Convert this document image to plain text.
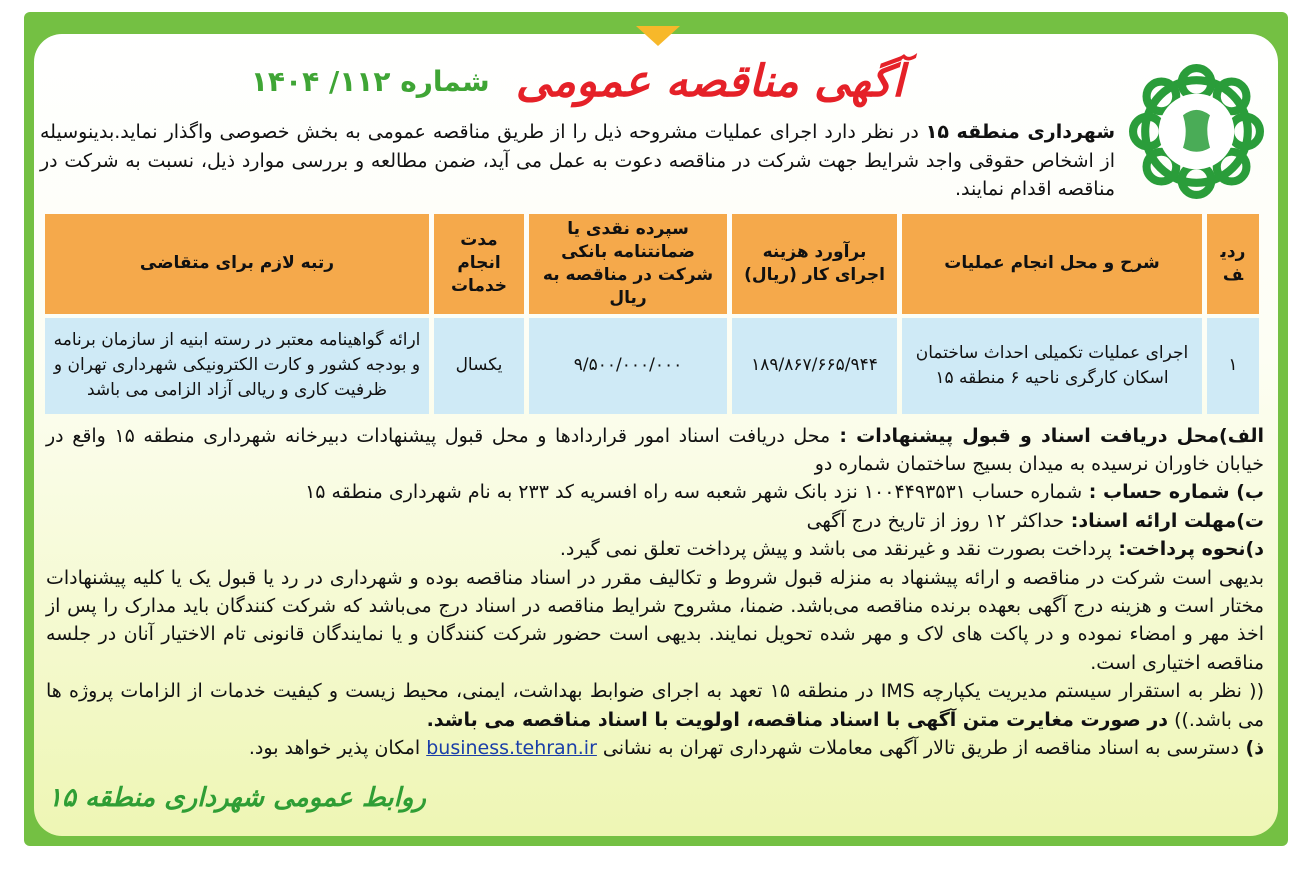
آگهی مناقصه عمومی
شماره ۱۱۲/ ۱۴۰۴
شهرداری منطقه ۱۵ در نظر دارد اجرای عملیات مشروحه ذیل را از طریق مناقصه عمومی به بخش خصوصی واگذار نماید.بدینوسیله از اشخاص حقوقی واجد شرایط جهت شرکت در مناقصه دعوت به عمل می آید، ضمن مطالعه و بررسی موارد ذیل، نسبت به شرکت در مناقصه اقدام نمایند.
ردیف	شرح و محل انجام عملیات	برآورد هزینه اجرای کار (ریال)	سپرده نقدی یا ضمانتنامه بانکی شرکت در مناقصه به ریال	مدت انجام خدمات	رتبه لازم برای متقاضی
۱	اجرای عملیات تکمیلی احداث ساختمان اسکان کارگری ناحیه ۶ منطقه ۱۵	۱۸۹/۸۶۷/۶۶۵/۹۴۴	۹/۵۰۰/۰۰۰/۰۰۰	یکسال	ارائه گواهینامه معتبر در رسته ابنیه از سازمان برنامه و بودجه کشور و کارت الکترونیکی شهرداری تهران و ظرفیت کاری و ریالی آزاد الزامی می باشد

الف)محل دریافت اسناد و قبول پیشنهادات : محل دریافت اسناد امور قراردادها و محل قبول پیشنهادات دبیرخانه شهرداری منطقه ۱۵ واقع در خیابان خاوران نرسیده به میدان بسیج ساختمان شماره دو

ب) شماره حساب : شماره حساب ۱۰۰۴۴۹۳۵۳۱ نزد بانک شهر شعبه سه راه افسریه کد ۲۳۳ به نام شهرداری منطقه ۱۵

ت)مهلت ارائه اسناد: حداکثر ۱۲ روز از تاریخ درج آگهی

د)نحوه پرداخت: پرداخت بصورت نقد و غیرنقد می باشد و پیش پرداخت تعلق نمی گیرد.

بدیهی است شرکت در مناقصه و ارائه پیشنهاد به منزله قبول شروط و تکالیف مقرر در اسناد مناقصه بوده و شهرداری در رد یا قبول یک یا کلیه پیشنهادات مختار است و هزینه درج آگهی بعهده برنده مناقصه می‌باشد. ضمنا، مشروح شرایط مناقصه در اسناد درج می‌باشد که شرکت کنندگان باید مدارک را پس از اخذ مهر و امضاء نموده و در پاکت های لاک و مهر شده تحویل نمایند. بدیهی است حضور شرکت کنندگان و یا نمایندگان قانونی تام الاختیار آنان در جلسه مناقصه اختیاری است.

(( نظر به استقرار سیستم مدیریت یکپارچه IMS در منطقه ۱۵ تعهد به اجرای ضوابط بهداشت، ایمنی، محیط زیست و کیفیت خدمات از الزامات پروژه ها می باشد.)) در صورت مغایرت متن آگهی با اسناد مناقصه، اولویت با اسناد مناقصه می باشد.

ذ) دسترسی به اسناد مناقصه از طریق تالار آگهی معاملات شهرداری تهران به نشانی business.tehran.ir امکان پذیر خواهد بود.

روابط عمومی شهرداری منطقه ۱۵
